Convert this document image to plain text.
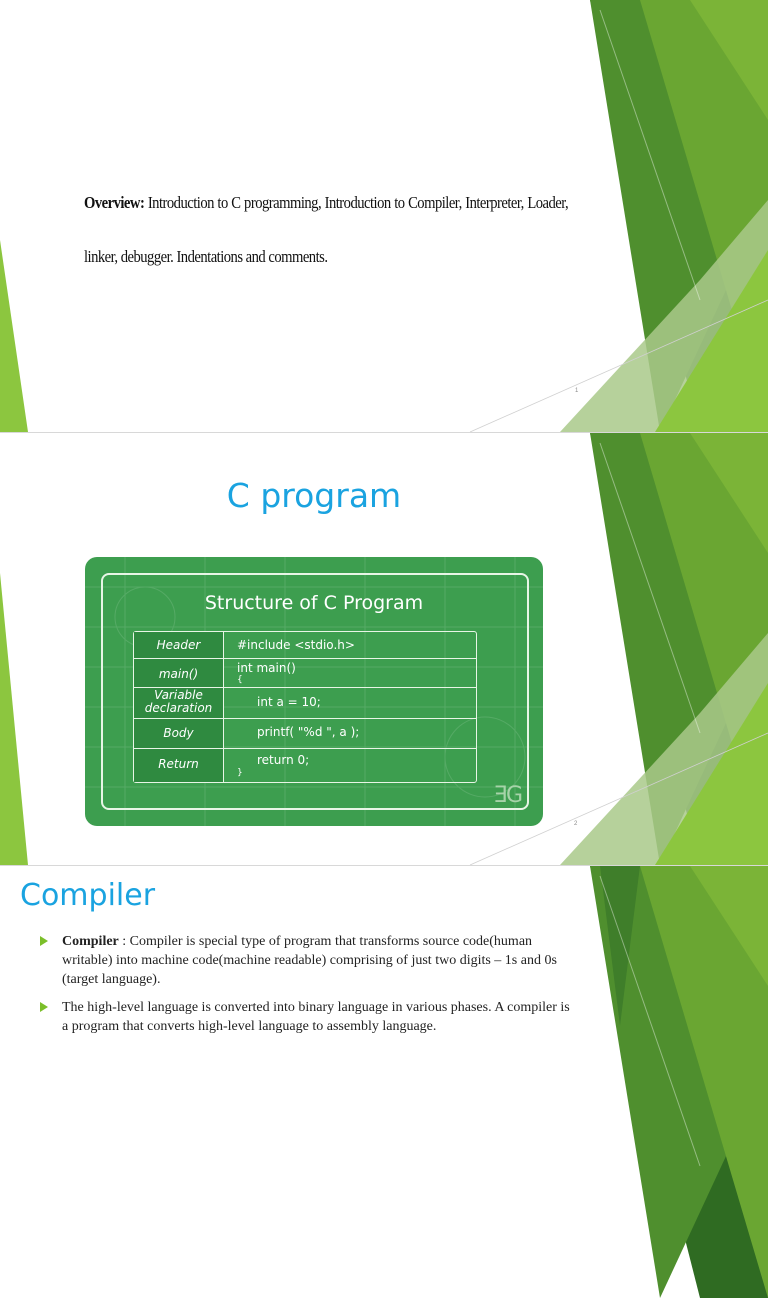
Overview: Introduction to C programming, Introduction to Compiler, Interpreter, Loader, linker, debugger. Indentations and comments.
1
C program
Structure of C Program
Header
main()
Variable declaration
Body
Return
#include <stdio.h>
int main()
{
int a = 10;
printf( "%d ", a );
return 0;
}
ƎG
2
Compiler
Compiler : Compiler is special type of program that transforms source code(human writable) into machine code(machine readable) comprising of just two digits – 1s and 0s (target language).
The high-level language is converted into binary language in various phases. A compiler is a program that converts high-level language to assembly language.
